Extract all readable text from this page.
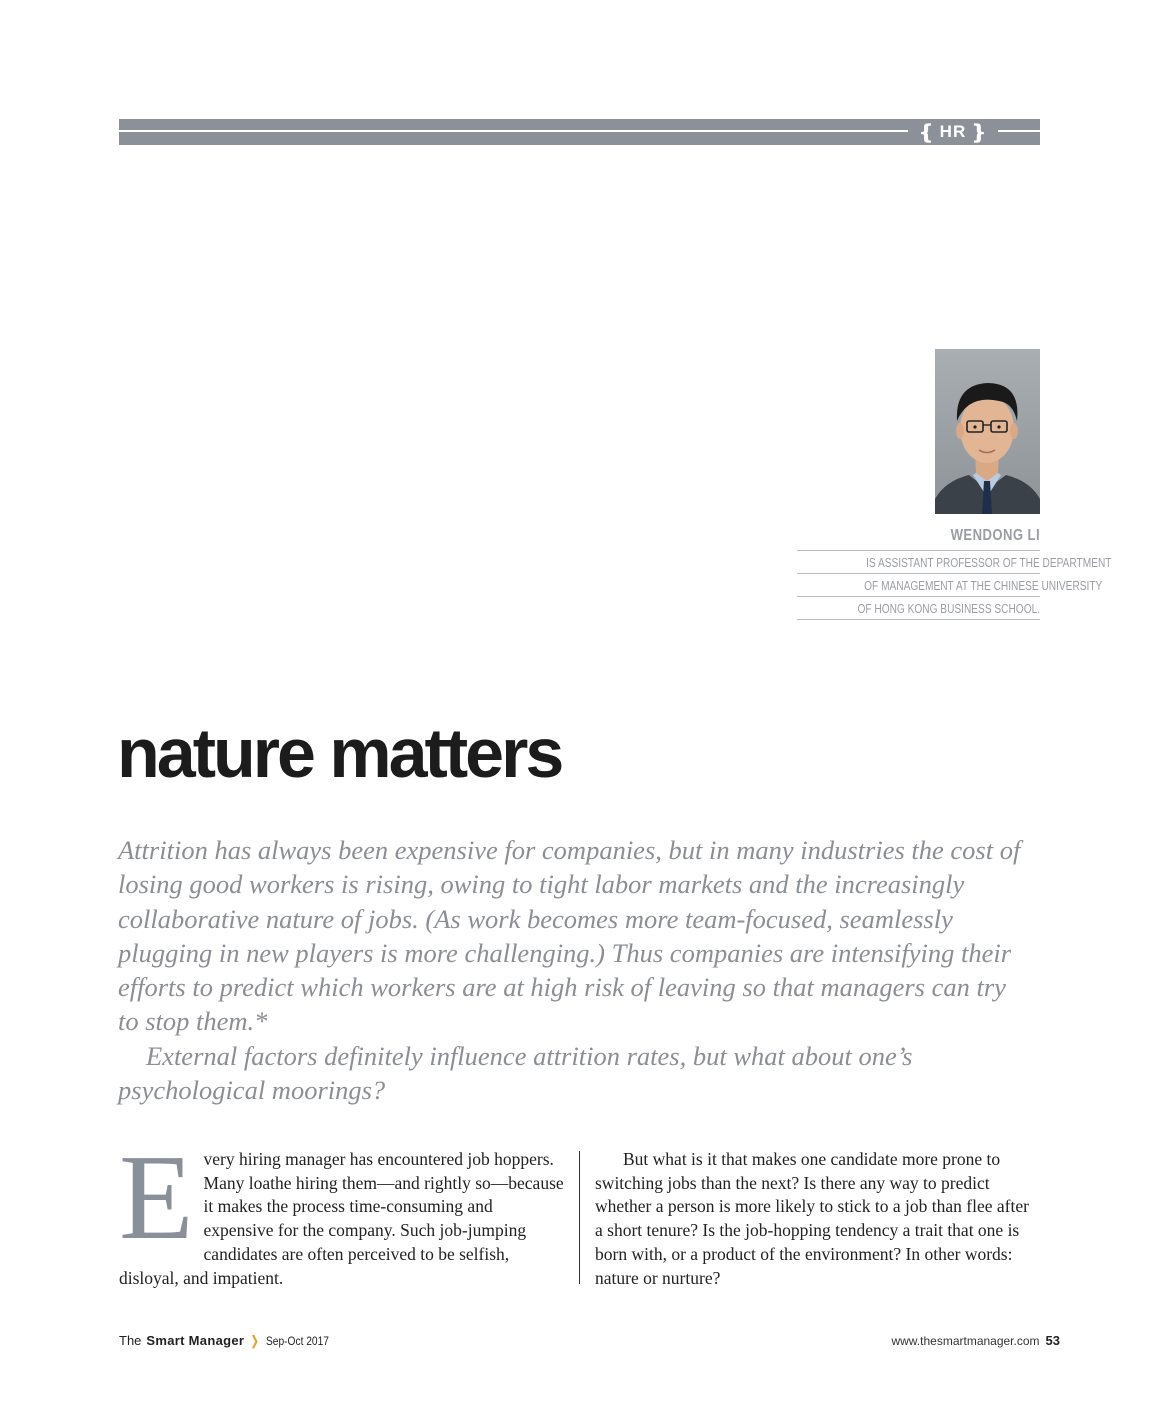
❴ HR ❵
WENDONG LI
IS ASSISTANT PROFESSOR OF THE DEPARTMENT
OF MANAGEMENT AT THE CHINESE UNIVERSITY
OF HONG KONG BUSINESS SCHOOL.
nature matters

Attrition has always been expensive for companies, but in many industries the cost of losing good workers is rising, owing to tight labor markets and the increasingly collaborative nature of jobs. (As work becomes more team-focused, seamlessly plugging in new players is more challenging.) Thus companies are intensifying their efforts to predict which workers are at high risk of leaving so that managers can try to stop them.*

External factors definitely influence attrition rates, but what about one’s psychological moorings?

E very hiring manager has encountered job hoppers. Many loathe hiring them—and rightly so—because it makes the process time-consuming and expensive for the company. Such job-jumping candidates are often perceived to be selfish, disloyal, and impatient.

But what is it that makes one candidate more prone to switching jobs than the next? Is there any way to predict whether a person is more likely to stick to a job than flee after a short tenure? Is the job-hopping tendency a trait that one is born with, or a product of the environment? In other words: nature or nurture?

The Smart Manager ❭ Sep-Oct 2017	www.thesmartmanager.com 53
